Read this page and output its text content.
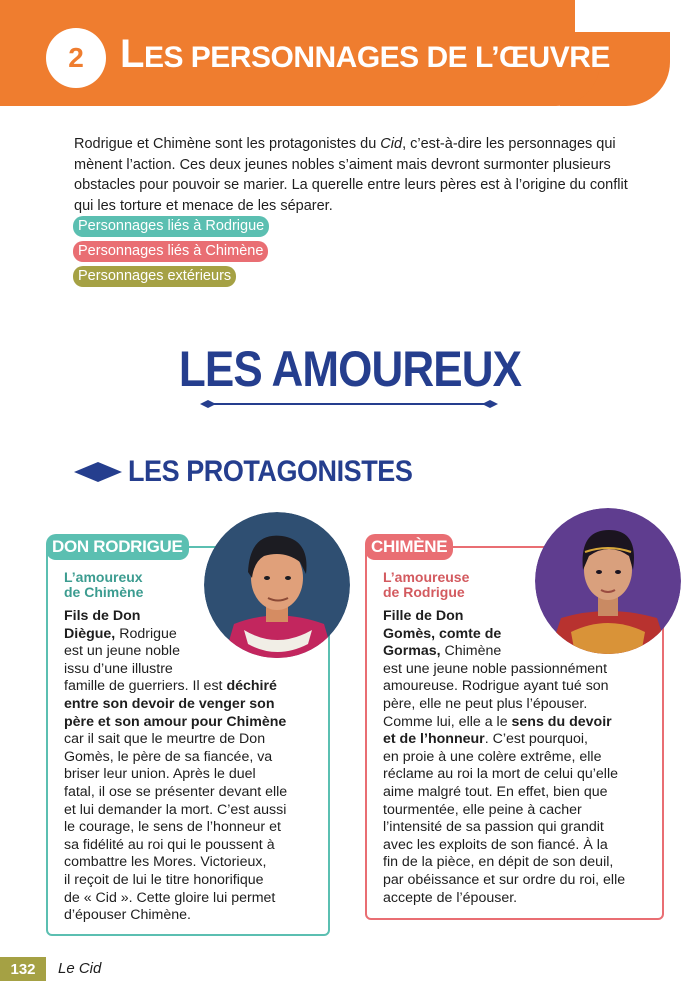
2 LES PERSONNAGES DE L’ŒUVRE

Rodrigue et Chimène sont les protagonistes du Cid, c’est-à-dire les personnages qui mènent l’action. Ces deux jeunes nobles s’aiment mais devront surmonter plusieurs obstacles pour pouvoir se marier. La querelle entre leurs pères est à l’origine du conflit qui les torture et menace de les séparer.

Personnages liés à Rodrigue
Personnages liés à Chimène
Personnages extérieurs
LES AMOUREUX
LES PROTAGONISTES
DON RODRIGUE
L’amoureux
de Chimène
Fils de Don
Diègue, Rodrigue
est un jeune noble
issu d’une illustre
famille de guerriers. Il est déchiré
entre son devoir de venger son
père et son amour pour Chimène
car il sait que le meurtre de Don
Gomès, le père de sa fiancée, va
briser leur union. Après le duel
fatal, il ose se présenter devant elle
et lui demander la mort. C’est aussi
le courage, le sens de l’honneur et
sa fidélité au roi qui le poussent à
combattre les Mores. Victorieux,
il reçoit de lui le titre honorifique
de « Cid ». Cette gloire lui permet
d’épouser Chimène.
CHIMÈNE
L’amoureuse
de Rodrigue
Fille de Don
Gomès, comte de
Gormas, Chimène
est une jeune noble passionnément
amoureuse. Rodrigue ayant tué son
père, elle ne peut plus l’épouser.
Comme lui, elle a le sens du devoir
et de l’honneur. C’est pourquoi,
en proie à une colère extrême, elle
réclame au roi la mort de celui qu’elle
aime malgré tout. En effet, bien que
tourmentée, elle peine à cacher
l’intensité de sa passion qui grandit
avec les exploits de son fiancé. À la
fin de la pièce, en dépit de son deuil,
par obéissance et sur ordre du roi, elle
accepte de l’épouser.
132	Le Cid
